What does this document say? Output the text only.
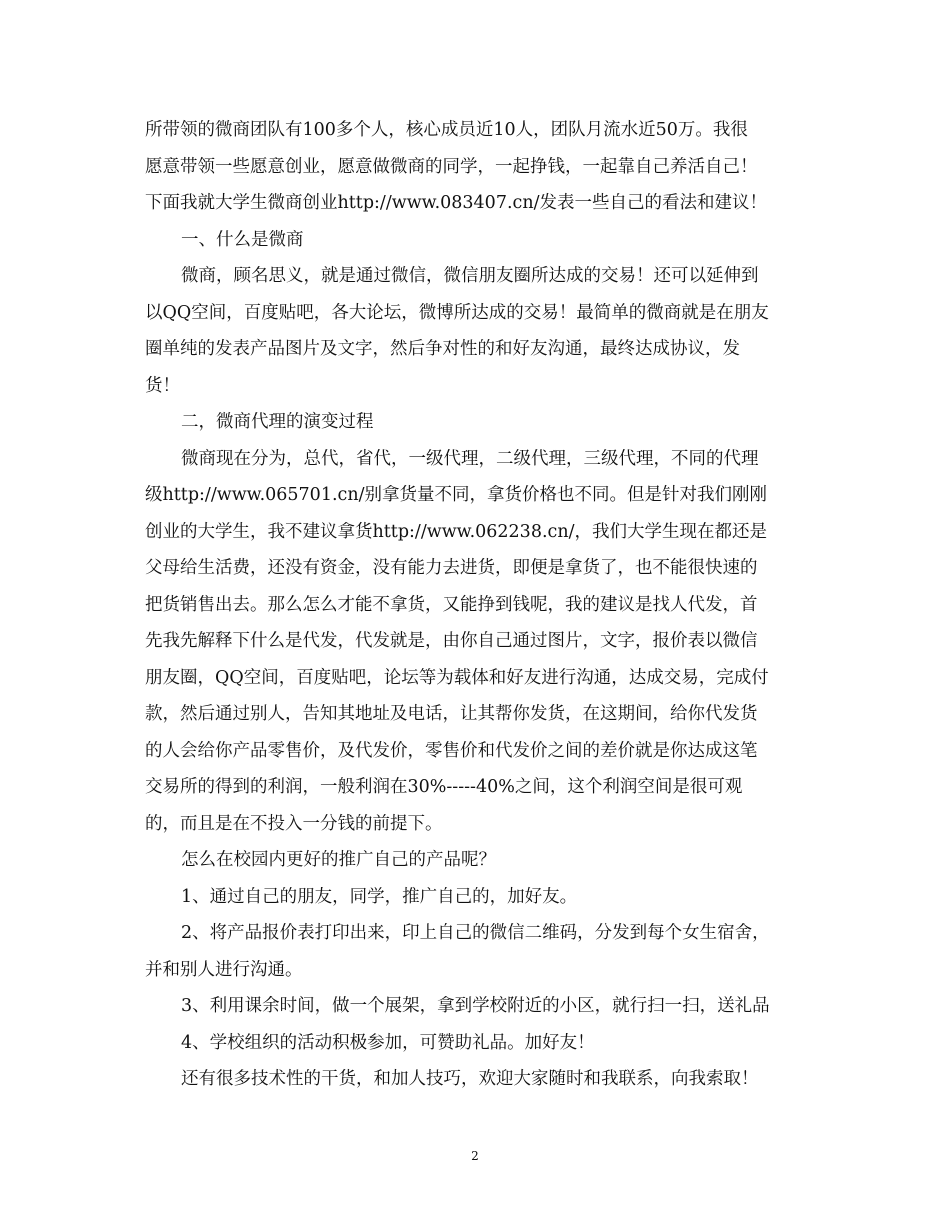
所带领的微商团队有100多个人，核心成员近10人，团队月流水近50万。我很
愿意带领一些愿意创业，愿意做微商的同学，一起挣钱，一起靠自己养活自己！
下面我就大学生微商创业http://www.083407.cn/发表一些自己的看法和建议！
一、什么是微商
微商，顾名思义，就是通过微信，微信朋友圈所达成的交易！还可以延伸到
以QQ空间，百度贴吧，各大论坛，微博所达成的交易！最简单的微商就是在朋友
圈单纯的发表产品图片及文字，然后争对性的和好友沟通，最终达成协议，发
货！
二，微商代理的演变过程
微商现在分为，总代，省代，一级代理，二级代理，三级代理，不同的代理
级http://www.065701.cn/别拿货量不同，拿货价格也不同。但是针对我们刚刚
创业的大学生，我不建议拿货http://www.062238.cn/，我们大学生现在都还是
父母给生活费，还没有资金，没有能力去进货，即便是拿货了，也不能很快速的
把货销售出去。那么怎么才能不拿货，又能挣到钱呢，我的建议是找人代发，首
先我先解释下什么是代发，代发就是，由你自己通过图片，文字，报价表以微信
朋友圈，QQ空间，百度贴吧，论坛等为载体和好友进行沟通，达成交易，完成付
款，然后通过别人，告知其地址及电话，让其帮你发货，在这期间，给你代发货
的人会给你产品零售价，及代发价，零售价和代发价之间的差价就是你达成这笔
交易所的得到的利润，一般利润在30%-----40%之间，这个利润空间是很可观
的，而且是在不投入一分钱的前提下。
怎么在校园内更好的推广自己的产品呢？
1、通过自己的朋友，同学，推广自己的，加好友。
2、将产品报价表打印出来，印上自己的微信二维码，分发到每个女生宿舍，
并和别人进行沟通。
3、利用课余时间，做一个展架，拿到学校附近的小区，就行扫一扫，送礼品
4、学校组织的活动积极参加，可赞助礼品。加好友！
还有很多技术性的干货，和加人技巧，欢迎大家随时和我联系，向我索取！
2
